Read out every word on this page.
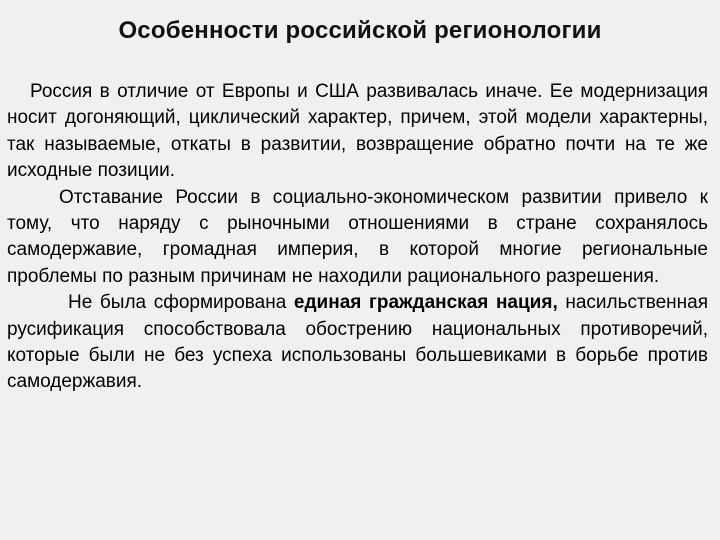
Особенности российской регионологии

Россия в отличие от Европы и США развивалась иначе. Ее модернизация носит догоняющий, циклический характер, причем, этой модели характерны, так называемые, откаты в развитии, возвращение обратно почти на те же исходные позиции.

Отставание России в социально-экономическом развитии привело к тому, что наряду с рыночными отношениями в стране сохранялось самодержавие, громадная империя, в которой многие региональные проблемы по разным причинам не находили рационального разрешения.

Не была сформирована единая гражданская нация, насильственная русификация способствовала обострению национальных противоречий, которые были не без успеха использованы большевиками в борьбе против самодержавия.
